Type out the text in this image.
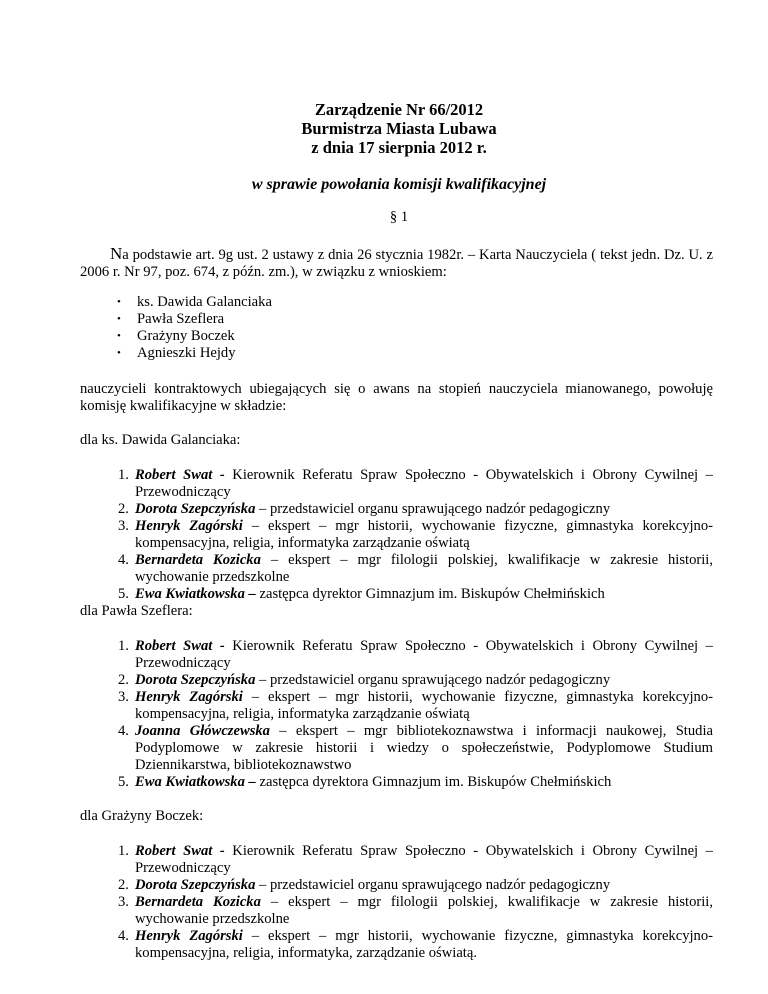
Zarządzenie Nr 66/2012
Burmistrza Miasta Lubawa
z dnia 17 sierpnia 2012 r.
w sprawie powołania komisji kwalifikacyjnej
§ 1
Na podstawie art. 9g ust. 2 ustawy z dnia 26 stycznia 1982r. – Karta Nauczyciela ( tekst jedn. Dz. U. z 2006 r. Nr 97, poz. 674, z późn. zm.), w związku z wnioskiem:
• ks. Dawida Galanciaka
• Pawła Szeflera
• Grażyny Boczek
• Agnieszki Hejdy
nauczycieli kontraktowych ubiegających się o awans na stopień nauczyciela mianowanego, powołuję komisję kwalifikacyjne w składzie:
dla ks. Dawida Galanciaka:
1. Robert Swat - Kierownik Referatu Spraw Społeczno - Obywatelskich i Obrony Cywilnej – Przewodniczący
2. Dorota Szepczyńska – przedstawiciel organu sprawującego nadzór pedagogiczny
3. Henryk Zagórski – ekspert – mgr historii, wychowanie fizyczne, gimnastyka korekcyjno-kompensacyjna, religia, informatyka zarządzanie oświatą
4. Bernardeta Kozicka – ekspert – mgr filologii polskiej, kwalifikacje w zakresie historii, wychowanie przedszkolne
5. Ewa Kwiatkowska – zastępca dyrektor Gimnazjum im. Biskupów Chełmińskich
dla Pawła Szeflera:
1. Robert Swat - Kierownik Referatu Spraw Społeczno - Obywatelskich i Obrony Cywilnej – Przewodniczący
2. Dorota Szepczyńska – przedstawiciel organu sprawującego nadzór pedagogiczny
3. Henryk Zagórski – ekspert – mgr historii, wychowanie fizyczne, gimnastyka korekcyjno-kompensacyjna, religia, informatyka zarządzanie oświatą
4. Joanna Główczewska – ekspert – mgr bibliotekoznawstwa i informacji naukowej, Studia Podyplomowe w zakresie historii i wiedzy o społeczeństwie, Podyplomowe Studium Dziennikarstwa, bibliotekoznawstwo
5. Ewa Kwiatkowska – zastępca dyrektora Gimnazjum im. Biskupów Chełmińskich
dla Grażyny Boczek:
1. Robert Swat - Kierownik Referatu Spraw Społeczno - Obywatelskich i Obrony Cywilnej – Przewodniczący
2. Dorota Szepczyńska – przedstawiciel organu sprawującego nadzór pedagogiczny
3. Bernardeta Kozicka – ekspert – mgr filologii polskiej, kwalifikacje w zakresie historii, wychowanie przedszkolne
4. Henryk Zagórski – ekspert – mgr historii, wychowanie fizyczne, gimnastyka korekcyjno-kompensacyjna, religia, informatyka, zarządzanie oświatą.
